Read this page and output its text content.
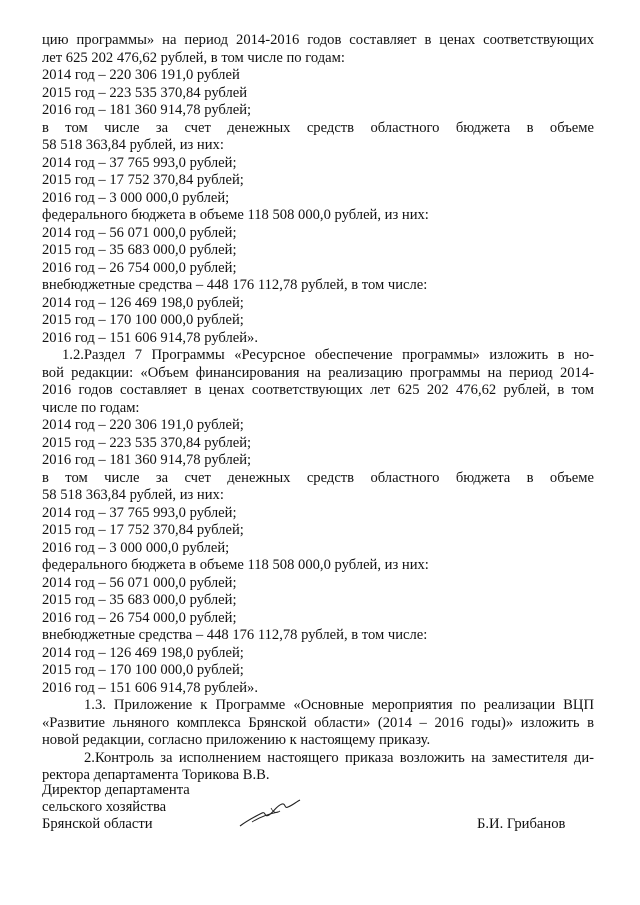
цию программы» на период 2014-2016 годов составляет в ценах соответствующих
лет 625 202 476,62 рублей, в том числе по годам:
2014 год – 220 306 191,0 рублей
2015 год – 223 535 370,84 рублей
2016 год – 181 360 914,78 рублей;
в том числе за счет денежных средств областного бюджета в объеме
58 518 363,84 рублей, из них:
2014 год – 37 765 993,0 рублей;
2015 год – 17 752 370,84 рублей;
2016 год – 3 000 000,0 рублей;
федерального бюджета в объеме 118 508 000,0 рублей, из них:
2014 год – 56 071 000,0 рублей;
2015 год – 35 683 000,0 рублей;
2016 год – 26 754 000,0 рублей;
внебюджетные средства – 448 176 112,78 рублей, в том числе:
2014 год – 126 469 198,0 рублей;
2015 год – 170 100 000,0 рублей;
2016 год – 151 606 914,78 рублей».
1.2.Раздел 7 Программы «Ресурсное обеспечение программы» изложить в но-
вой редакции: «Объем финансирования на реализацию программы на период 2014-
2016 годов составляет в ценах соответствующих лет 625 202 476,62 рублей, в том
числе по годам:
2014 год – 220 306 191,0 рублей;
2015 год – 223 535 370,84 рублей;
2016 год – 181 360 914,78 рублей;
в том числе за счет денежных средств областного бюджета в объеме
58 518 363,84 рублей, из них:
2014 год – 37 765 993,0 рублей;
2015 год – 17 752 370,84 рублей;
2016 год – 3 000 000,0 рублей;
федерального бюджета в объеме 118 508 000,0 рублей, из них:
2014 год – 56 071 000,0 рублей;
2015 год – 35 683 000,0 рублей;
2016 год – 26 754 000,0 рублей;
внебюджетные средства – 448 176 112,78 рублей, в том числе:
2014 год – 126 469 198,0 рублей;
2015 год – 170 100 000,0 рублей;
2016 год – 151 606 914,78 рублей».
1.3. Приложение к Программе «Основные мероприятия по реализации ВЦП
«Развитие льняного комплекса Брянской области» (2014 – 2016 годы)» изложить в
новой редакции, согласно приложению к настоящему приказу.
2.Контроль за исполнением настоящего приказа возложить на заместителя ди-
ректора департамента Торикова В.В.
Директор департамента
сельского хозяйства
Брянской области	Б.И. Грибанов
